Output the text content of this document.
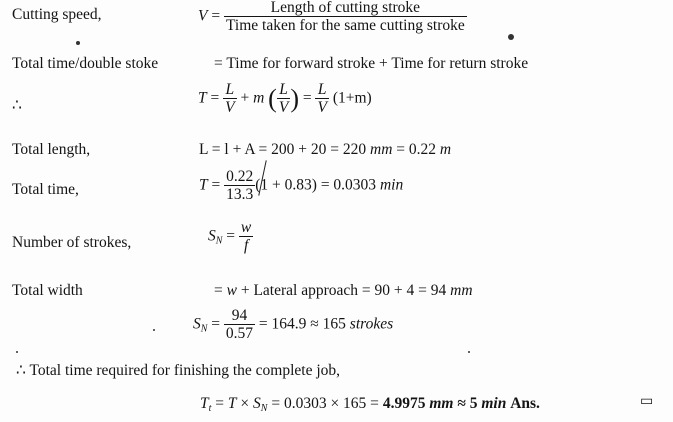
Cutting speed,	$V = \frac{\text{Length of cutting stroke}}{\text{Time taken for the same cutting stroke}}$
Total time/double stoke	= Time for forward stroke + Time for return stroke
∴	$T = \frac{L}{V} + m$ ( $\frac{L}{V}$ ) = $\frac{L}{V} (1+m)$
Total length,	L = l + A = 200 + 20 = 220 mm = 0.22 m
Total time,	$T = \frac{0.22}{13.3} (1 + 0.83) = 0.0303$ min
Number of strokes,	$S_N = \frac{w}{f}$
Total width	= w + Lateral approach = 90 + 4 = 94 mm
$S_N = \frac{94}{0.57} = 164.9 \approx 165$ strokes
∴ Total time required for finishing the complete job,
$T_t = T \times S_N = 0.0303 \times 165 = 4.9975$ mm ≈ 5 min Ans.	▭
